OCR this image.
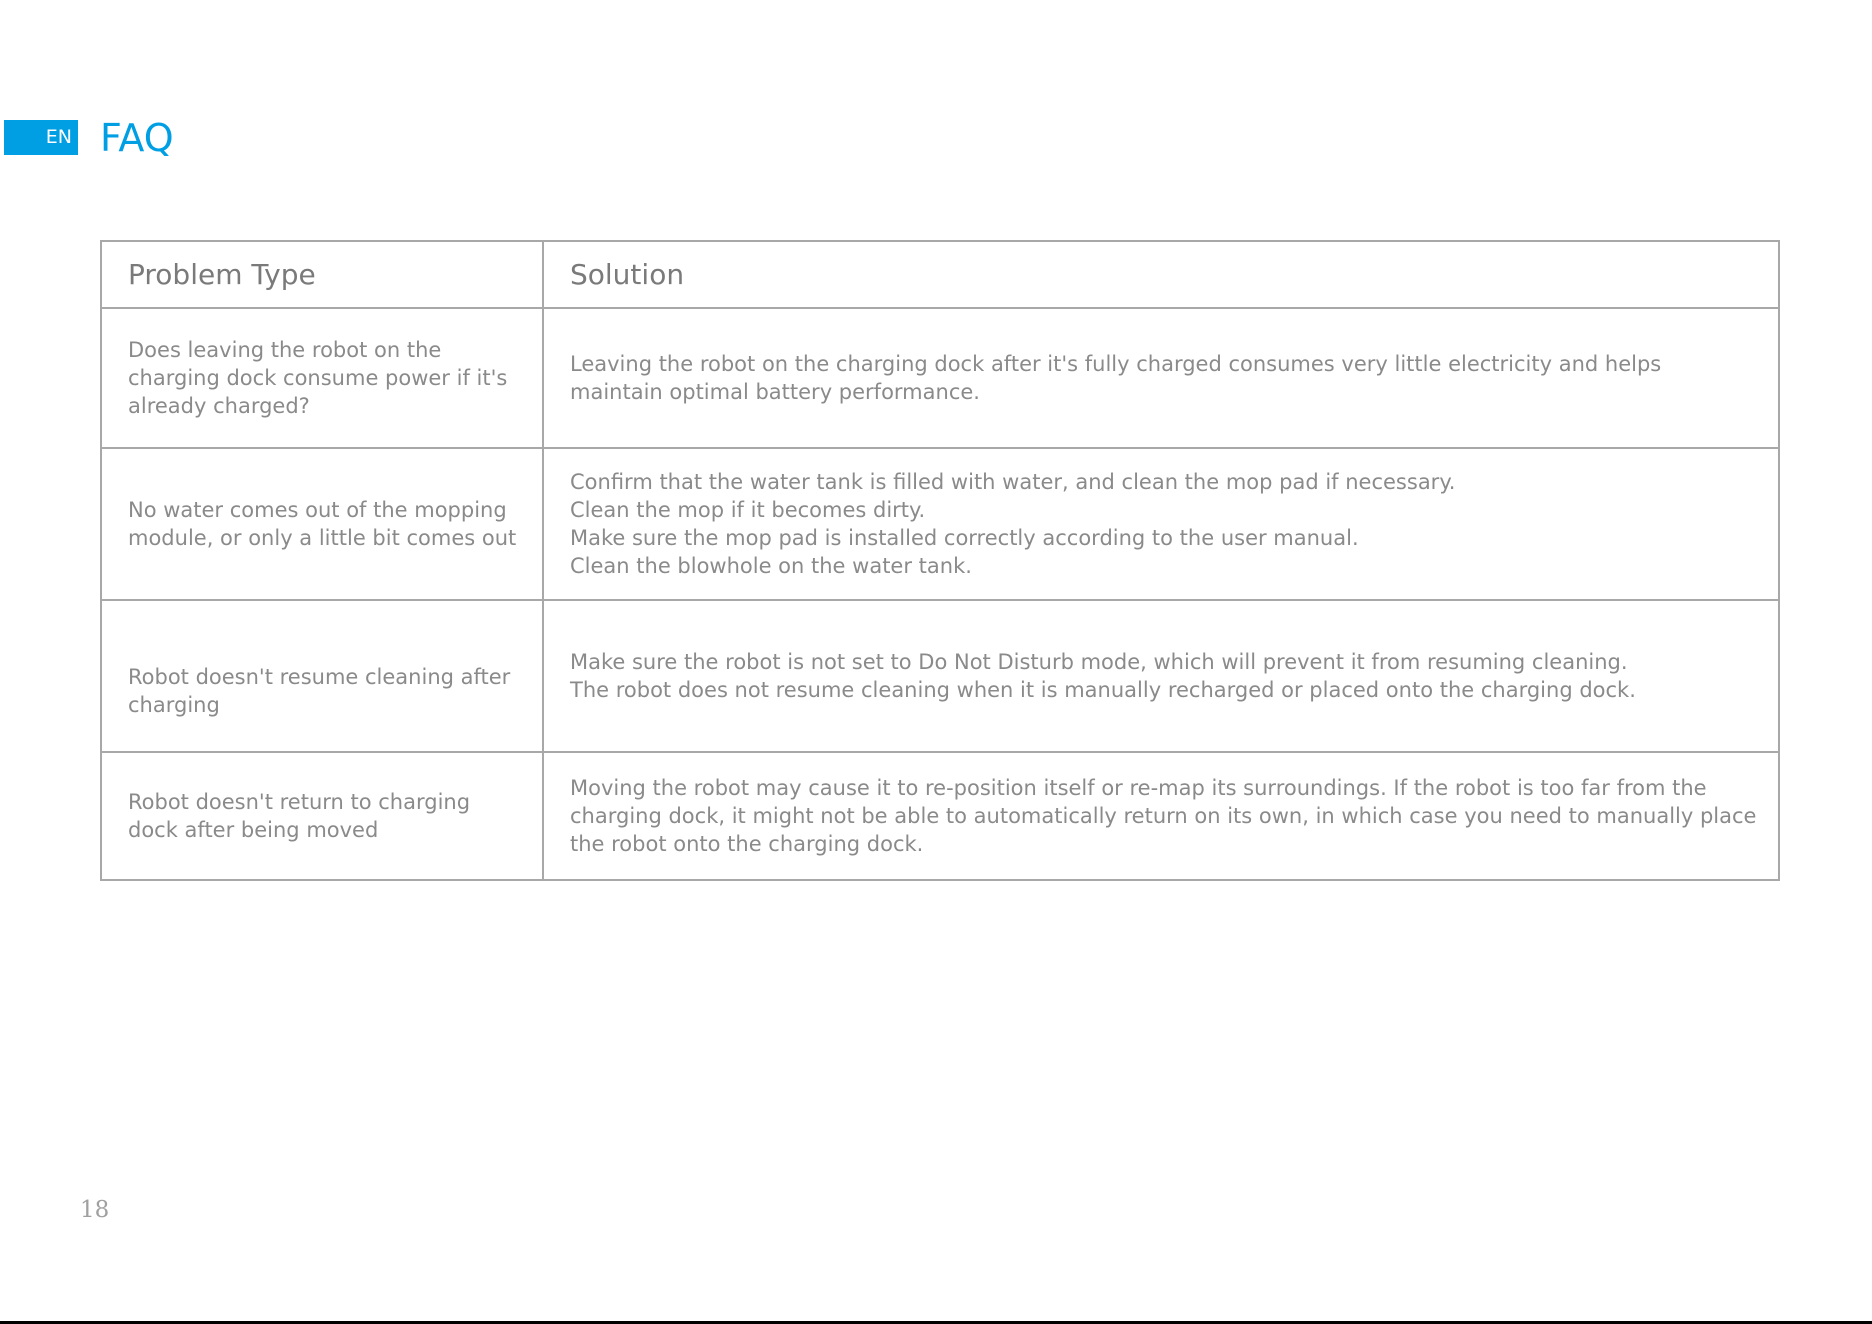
EN FAQ
Problem Type	Solution
Does leaving the robot on the charging dock consume power if it's already charged?	Leaving the robot on the charging dock after it's fully charged consumes very little electricity and helps maintain optimal battery performance.

No water comes out of the mopping module, or only a little bit comes out	Confirm that the water tank is filled with water, and clean the mop pad if necessary.
Clean the mop if it becomes dirty.
Make sure the mop pad is installed correctly according to the user manual.
Clean the blowhole on the water tank.

Robot doesn't resume cleaning after charging	Make sure the robot is not set to Do Not Disturb mode, which will prevent it from resuming cleaning.
The robot does not resume cleaning when it is manually recharged or placed onto the charging dock.

Robot doesn't return to charging dock after being moved	Moving the robot may cause it to re-position itself or re-map its surroundings. If the robot is too far from the charging dock, it might not be able to automatically return on its own, in which case you need to manually place the robot onto the charging dock.
18
